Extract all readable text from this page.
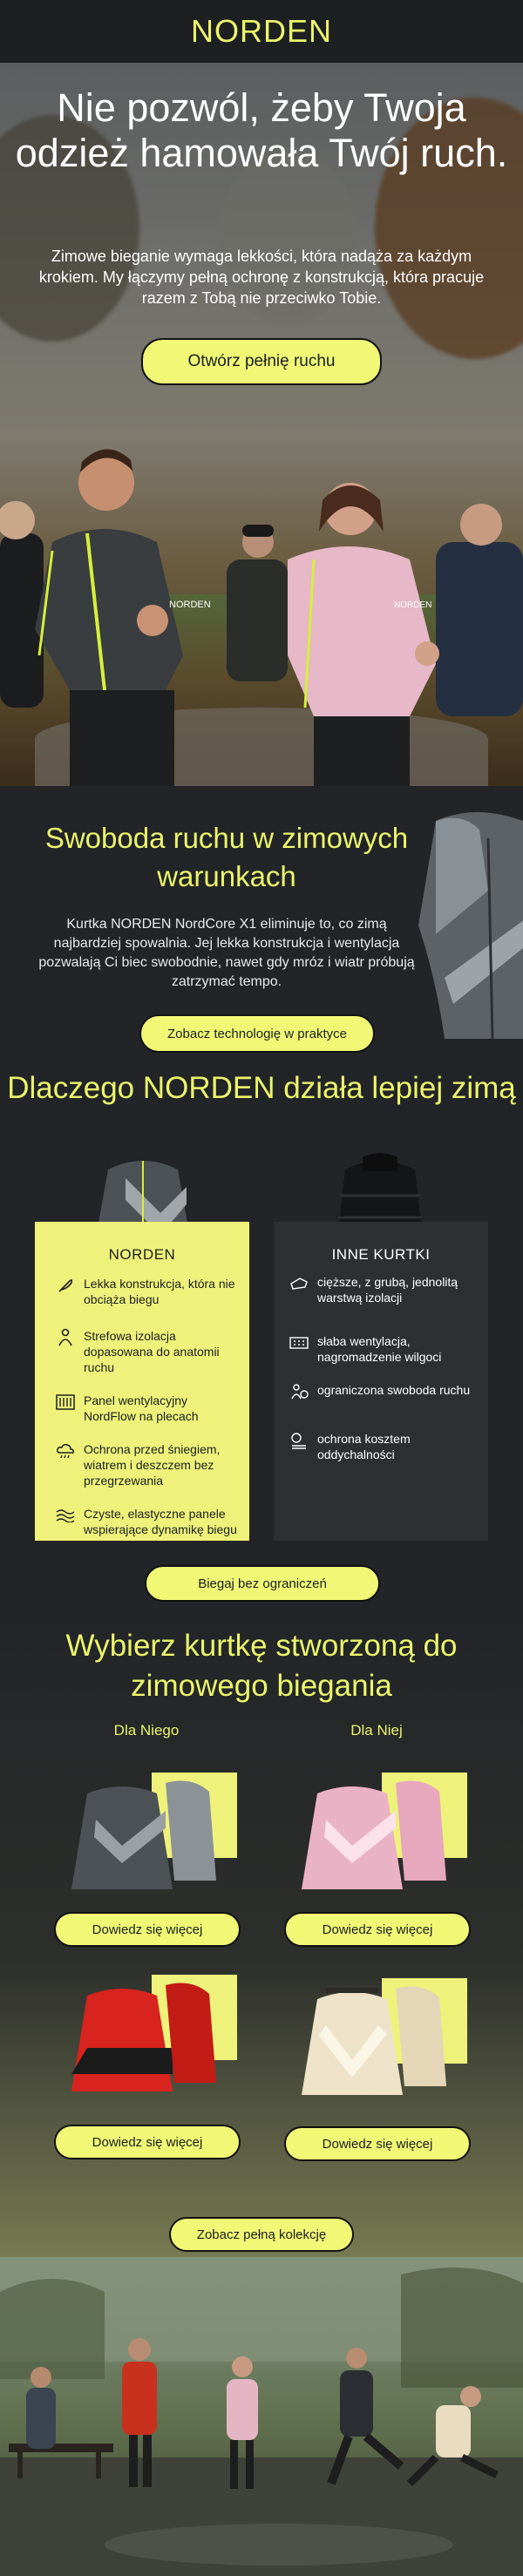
NORDEN
Nie pozwól, żeby Twoja odzież hamowała Twój ruch.

Zimowe bieganie wymaga lekkości, która nadąża za każdym krokiem. My łączymy pełną ochronę z konstrukcją, która pracuje razem z Tobą nie przeciwko Tobie.

Otwórz pełnię ruchu
NORDEN	NORDEN
Swoboda ruchu w zimowych warunkach

Kurtka NORDEN NordCore X1 eliminuje to, co zimą najbardziej spowalnia. Jej lekka konstrukcja i wentylacja pozwalają Ci biec swobodnie, nawet gdy mróz i wiatr próbują zatrzymać tempo.

Zobacz technologię w praktyce
Dlaczego NORDEN działa lepiej zimą
NORDEN
Lekka konstrukcja, która nie obciąża biegu
Strefowa izolacja dopasowana do anatomii ruchu
Panel wentylacyjny NordFlow na plecach
Ochrona przed śniegiem, wiatrem i deszczem bez przegrzewania
Czyste, elastyczne panele wspierające dynamikę biegu
INNE KURTKI
cięższe, z grubą, jednolitą warstwą izolacji
słaba wentylacja, nagromadzenie wilgoci
ograniczona swoboda ruchu
ochrona kosztem oddychalności
Biegaj bez ograniczeń
Wybierz kurtkę stworzoną do zimowego biegania
Dla Niego	Dla Niej
Dowiedz się więcej	Dowiedz się więcej
Dowiedz się więcej	Dowiedz się więcej
Zobacz pełną kolekcję
